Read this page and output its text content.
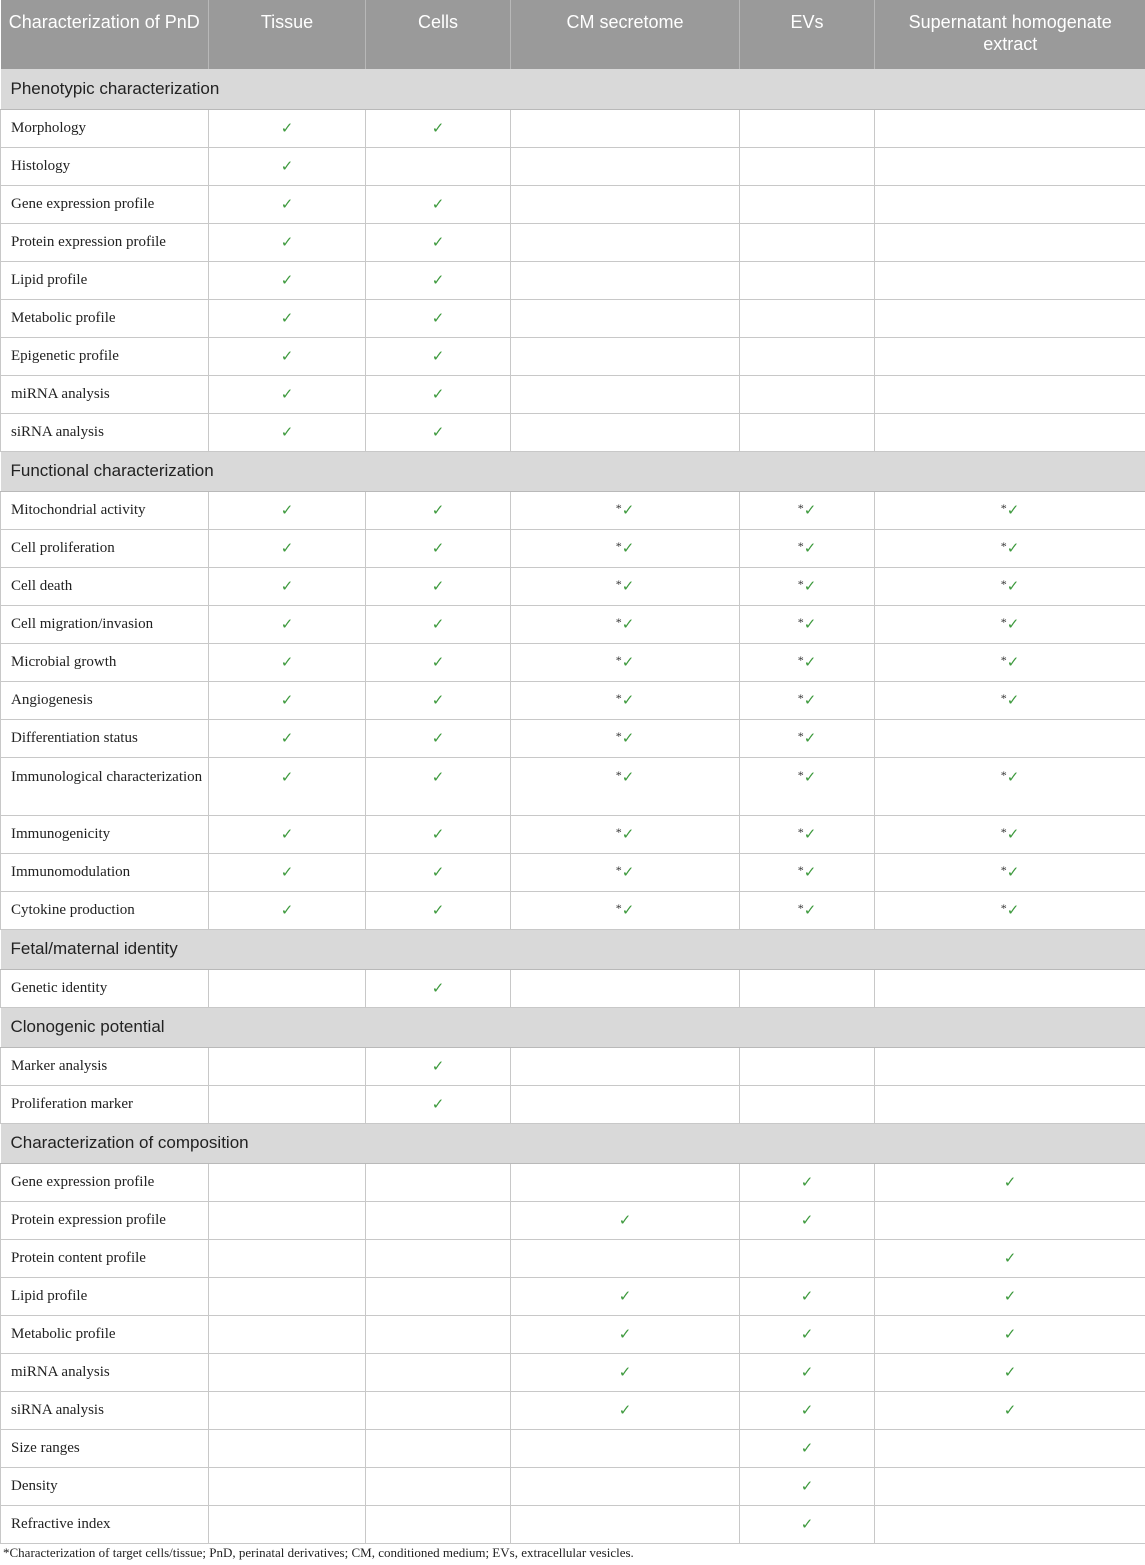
Characterization of PnD	Tissue	Cells	CM secretome	EVs	Supernatant homogenate extract
Phenotypic characterization					
Morphology	✓	✓			
Histology	✓				
Gene expression profile	✓	✓			
Protein expression profile	✓	✓			
Lipid profile	✓	✓			
Metabolic profile	✓	✓			
Epigenetic profile	✓	✓			
miRNA analysis	✓	✓			
siRNA analysis	✓	✓			
Functional characterization					
Mitochondrial activity	✓	✓	*✓	*✓	*✓
Cell proliferation	✓	✓	*✓	*✓	*✓
Cell death	✓	✓	*✓	*✓	*✓
Cell migration/invasion	✓	✓	*✓	*✓	*✓
Microbial growth	✓	✓	*✓	*✓	*✓
Angiogenesis	✓	✓	*✓	*✓	*✓
Differentiation status	✓	✓	*✓	*✓	
Immunological characterization	✓	✓	*✓	*✓	*✓
Immunogenicity	✓	✓	*✓	*✓	*✓
Immunomodulation	✓	✓	*✓	*✓	*✓
Cytokine production	✓	✓	*✓	*✓	*✓
Fetal/maternal identity					
Genetic identity		✓			
Clonogenic potential					
Marker analysis		✓			
Proliferation marker		✓			
Characterization of composition					
Gene expression profile				✓	✓
Protein expression profile			✓	✓	
Protein content profile					✓
Lipid profile			✓	✓	✓
Metabolic profile			✓	✓	✓
miRNA analysis			✓	✓	✓
siRNA analysis			✓	✓	✓
Size ranges				✓	
Density				✓	
Refractive index				✓	
*Characterization of target cells/tissue; PnD, perinatal derivatives; CM, conditioned medium; EVs, extracellular vesicles.
